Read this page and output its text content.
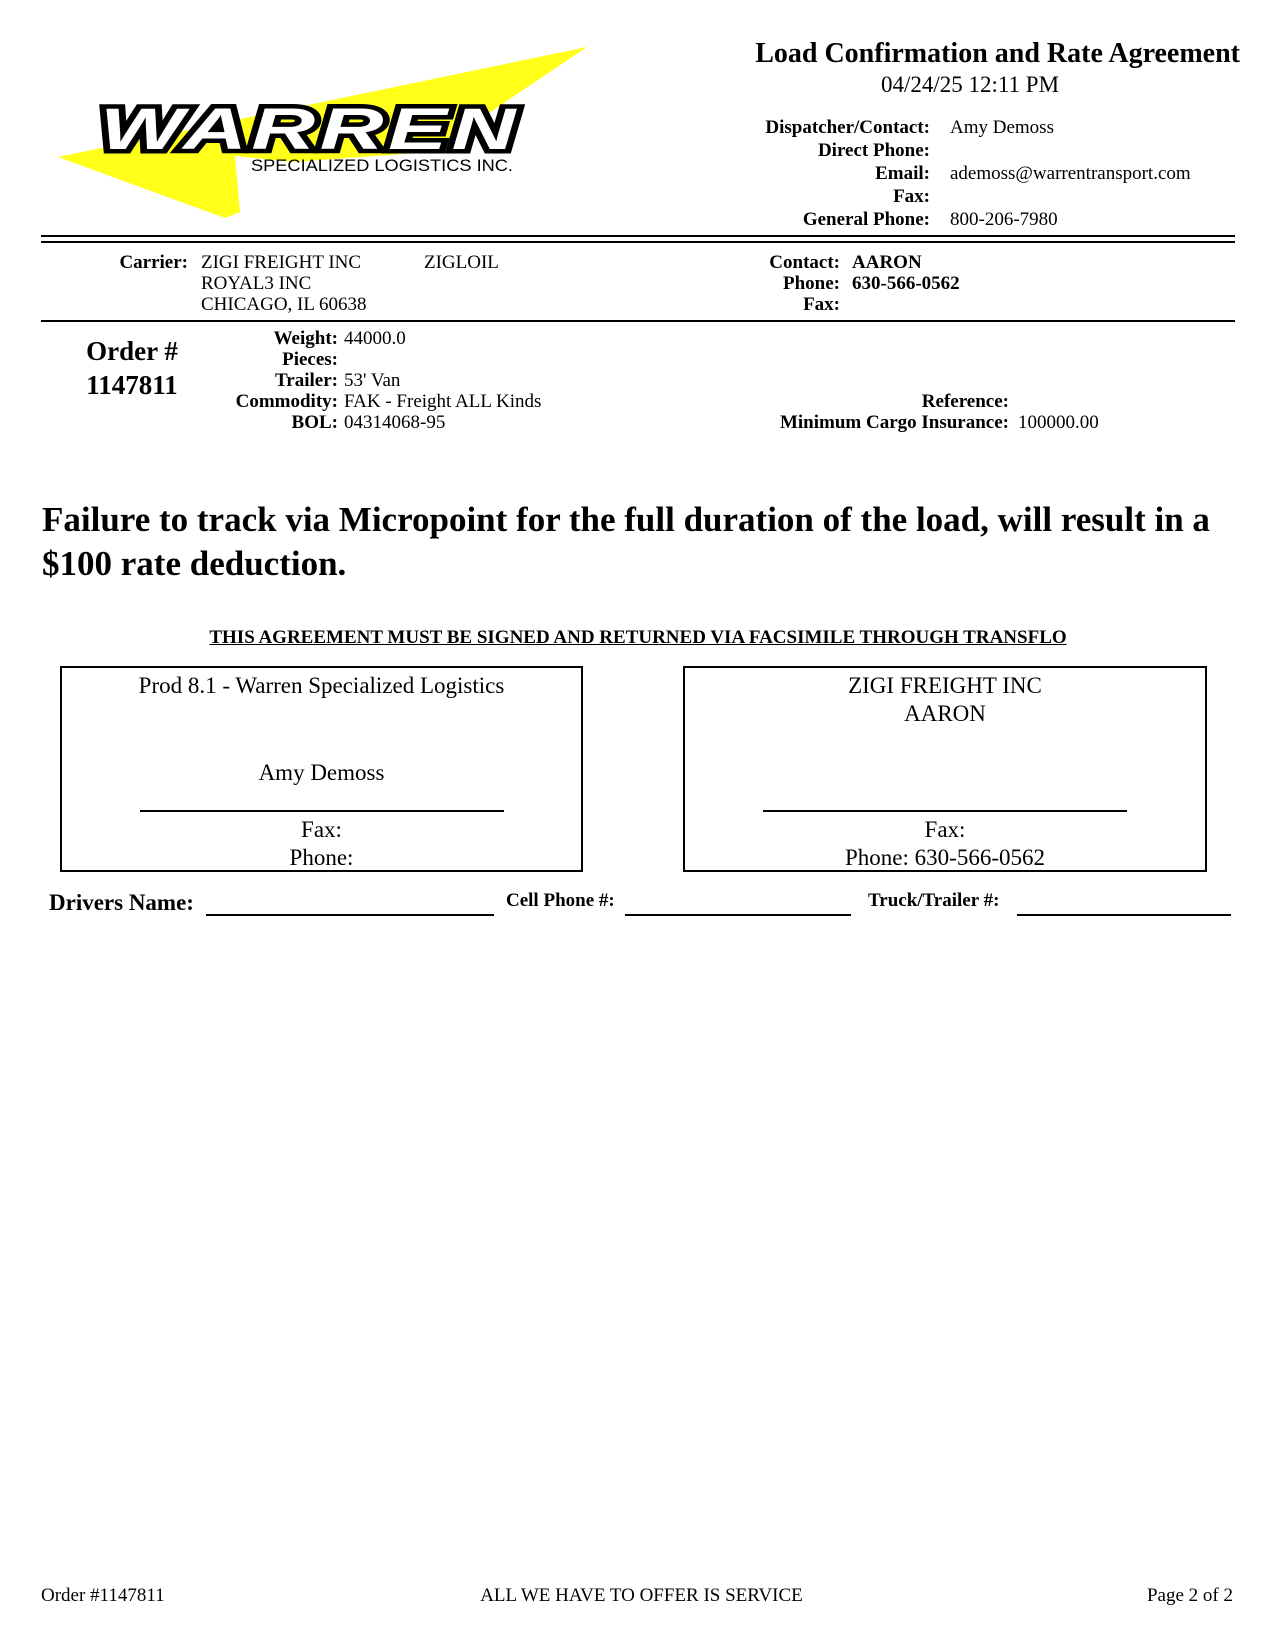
WARREN
SPECIALIZED LOGISTICS INC.
Load Confirmation and Rate Agreement
04/24/25 12:11 PM
Dispatcher/Contact: Amy Demoss
Direct Phone:
Email: ademoss@warrentransport.com
Fax:
General Phone: 800-206-7980
Carrier: ZIGI FREIGHT INC	ZIGLOIL
ROYAL3 INC
CHICAGO, IL 60638
Contact: AARON
Phone: 630-566-0562
Fax:
Order #
1147811
Weight: 44000.0
Pieces:
Trailer: 53' Van
Commodity: FAK - Freight ALL Kinds
BOL: 04314068-95
Reference:
Minimum Cargo Insurance: 100000.00
Failure to track via Micropoint for the full duration of the load, will result in a $100 rate deduction.
THIS AGREEMENT MUST BE SIGNED AND RETURNED VIA FACSIMILE THROUGH TRANSFLO
Prod 8.1 - Warren Specialized Logistics
Amy Demoss
Fax:
Phone:
ZIGI FREIGHT INC
AARON
Fax:
Phone: 630-566-0562
Drivers Name:	Cell Phone #:	Truck/Trailer #:
Order #1147811	ALL WE HAVE TO OFFER IS SERVICE	Page 2 of 2
